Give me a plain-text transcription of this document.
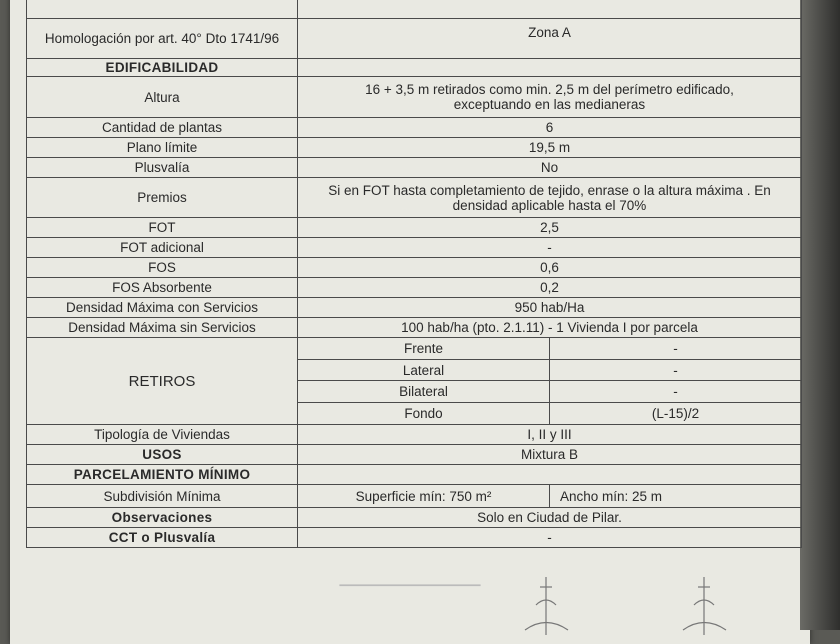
Homologación por art. 40° Dto 1741/96	Zona A
EDIFICABILIDAD	
Altura	16 + 3,5 m retirados como min. 2,5 m del perímetro edificado, exceptuando en las medianeras
Cantidad de plantas	6
Plano límite	19,5 m
Plusvalía	No
Premios	Si en FOT hasta completamiento de tejido, enrase o la altura máxima . En densidad aplicable hasta el 70%
FOT	2,5
FOT adicional	-
FOS	0,6
FOS Absorbente	0,2
Densidad Máxima con Servicios	950 hab/Ha
Densidad Máxima sin Servicios	100 hab/ha (pto. 2.1.11) - 1 Vivienda I por parcela
RETIROS	
Frente	-
Lateral	-
Bilateral	-
Fondo	(L-15)/2

Tipología de Viviendas	I, II y III
USOS	Mixtura B
PARCELAMIENTO MÍNIMO	
Subdivisión Mínima		Superficie mín: 750 m²	Ancho mín: 25 m

Observaciones	Solo en Ciudad de Pilar.
CCT o Plusvalía	-
